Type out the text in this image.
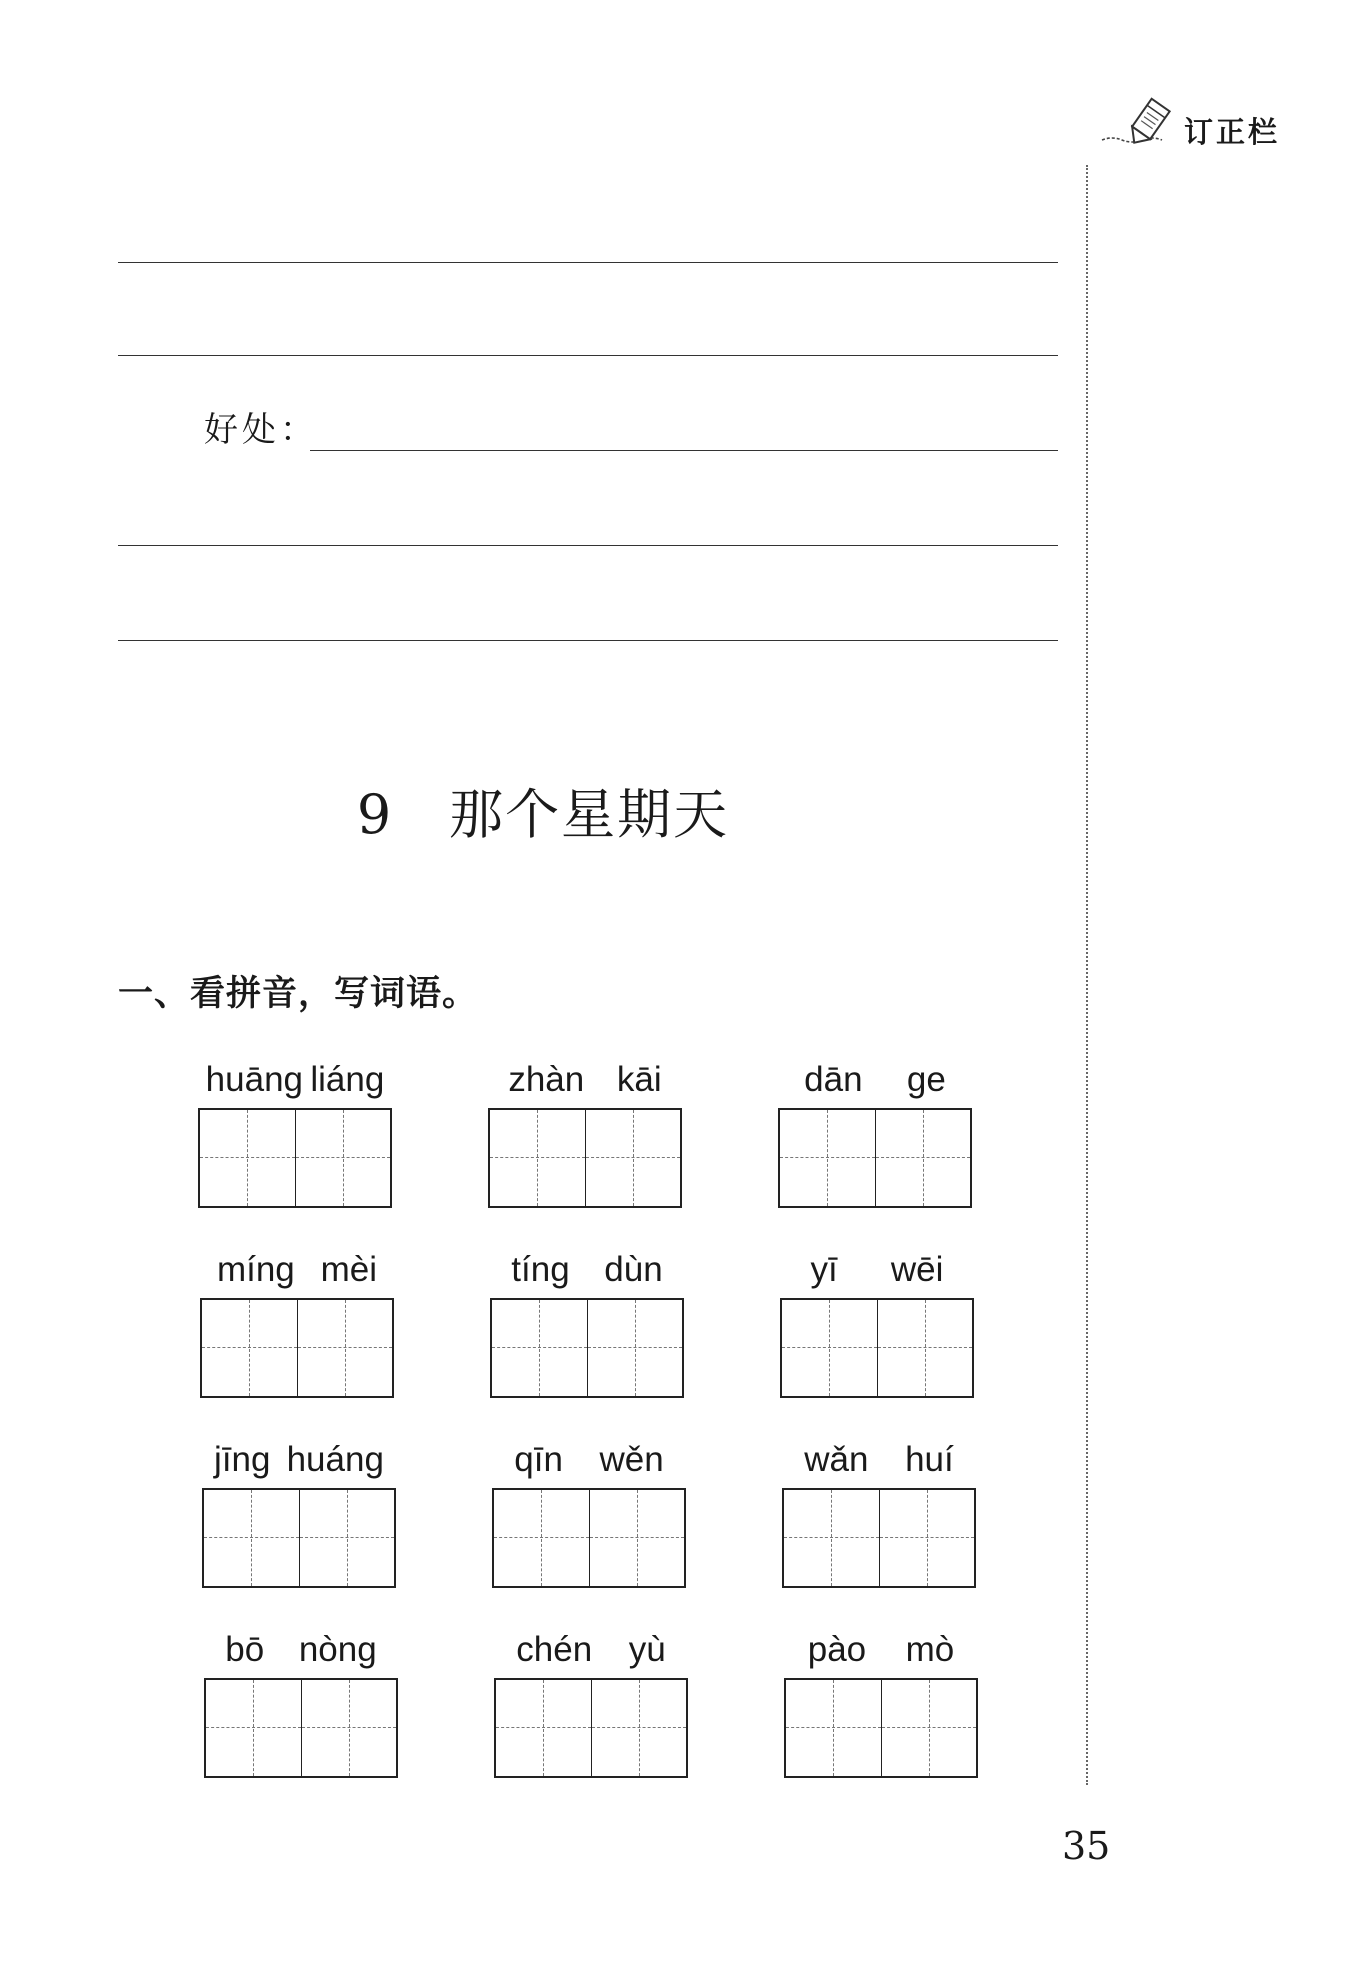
订正栏
好处：
9 那个星期天
一、看拼音，写词语。
huāng liáng	zhàn kāi	dān ge
míng mèi	tíng dùn	yī wēi
jīng huáng	qīn wěn	wǎn huí
bō nòng	chén yù	pào mò
35
